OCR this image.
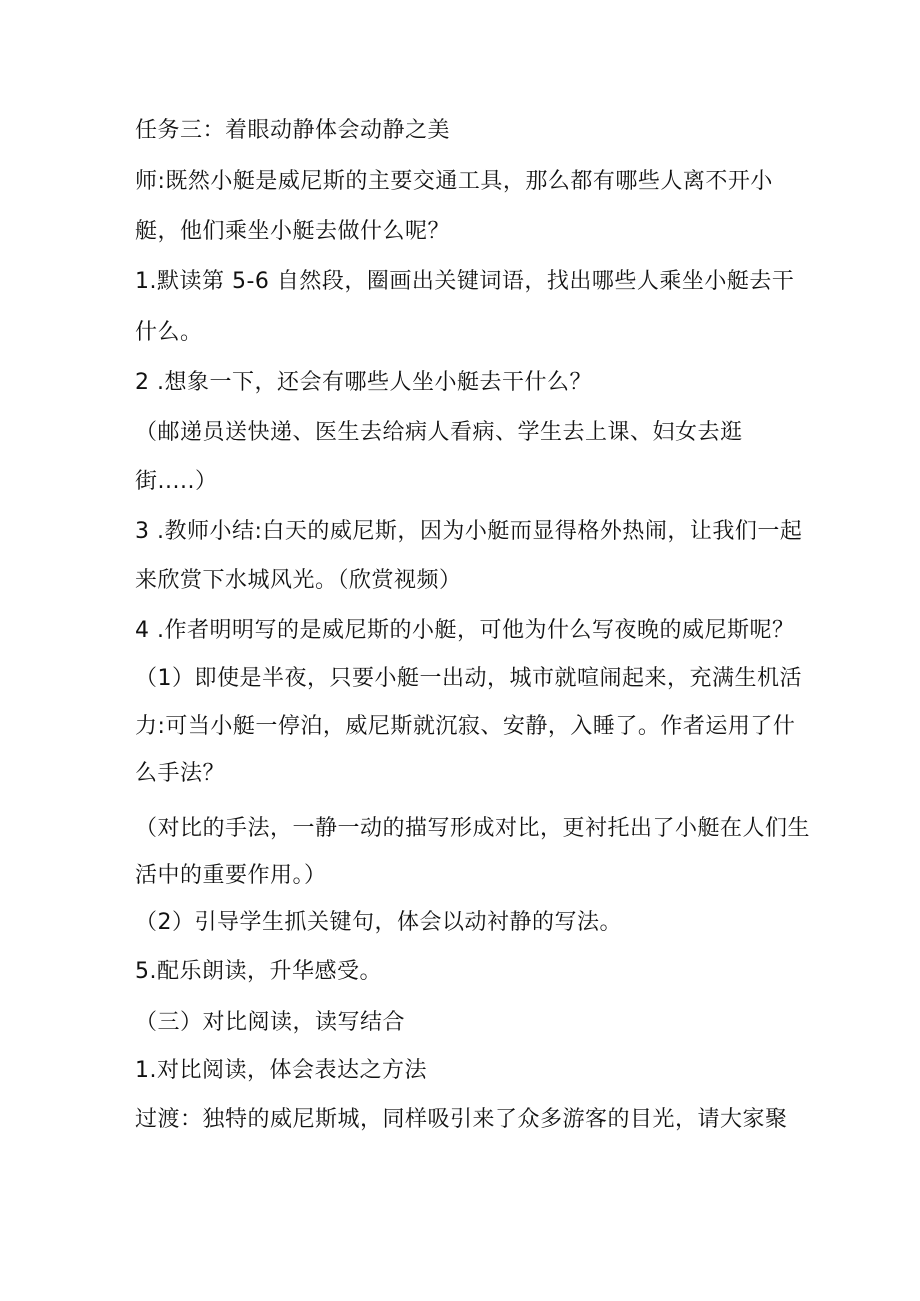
任务三：着眼动静体会动静之美
师:既然小艇是威尼斯的主要交通工具，那么都有哪些人离不开小
艇，他们乘坐小艇去做什么呢？
1.默读第 5-6 自然段，圈画出关键词语，找出哪些人乘坐小艇去干
什么。
2 .想象一下，还会有哪些人坐小艇去干什么？
（邮递员送快递、医生去给病人看病、学生去上课、妇女去逛
街.....）
3 .教师小结:白天的威尼斯，因为小艇而显得格外热闹，让我们一起
来欣赏下水城风光。（欣赏视频）
4 .作者明明写的是威尼斯的小艇，可他为什么写夜晚的威尼斯呢？
（1）即使是半夜，只要小艇一出动，城市就喧闹起来，充满生机活
力:可当小艇一停泊，威尼斯就沉寂、安静，入睡了。作者运用了什
么手法？
（对比的手法，一静一动的描写形成对比，更衬托出了小艇在人们生
活中的重要作用。）
（2）引导学生抓关键句，体会以动衬静的写法。
5.配乐朗读，升华感受。
（三）对比阅读，读写结合
1.对比阅读，体会表达之方法
过渡：独特的威尼斯城，同样吸引来了众多游客的目光，请大家聚
